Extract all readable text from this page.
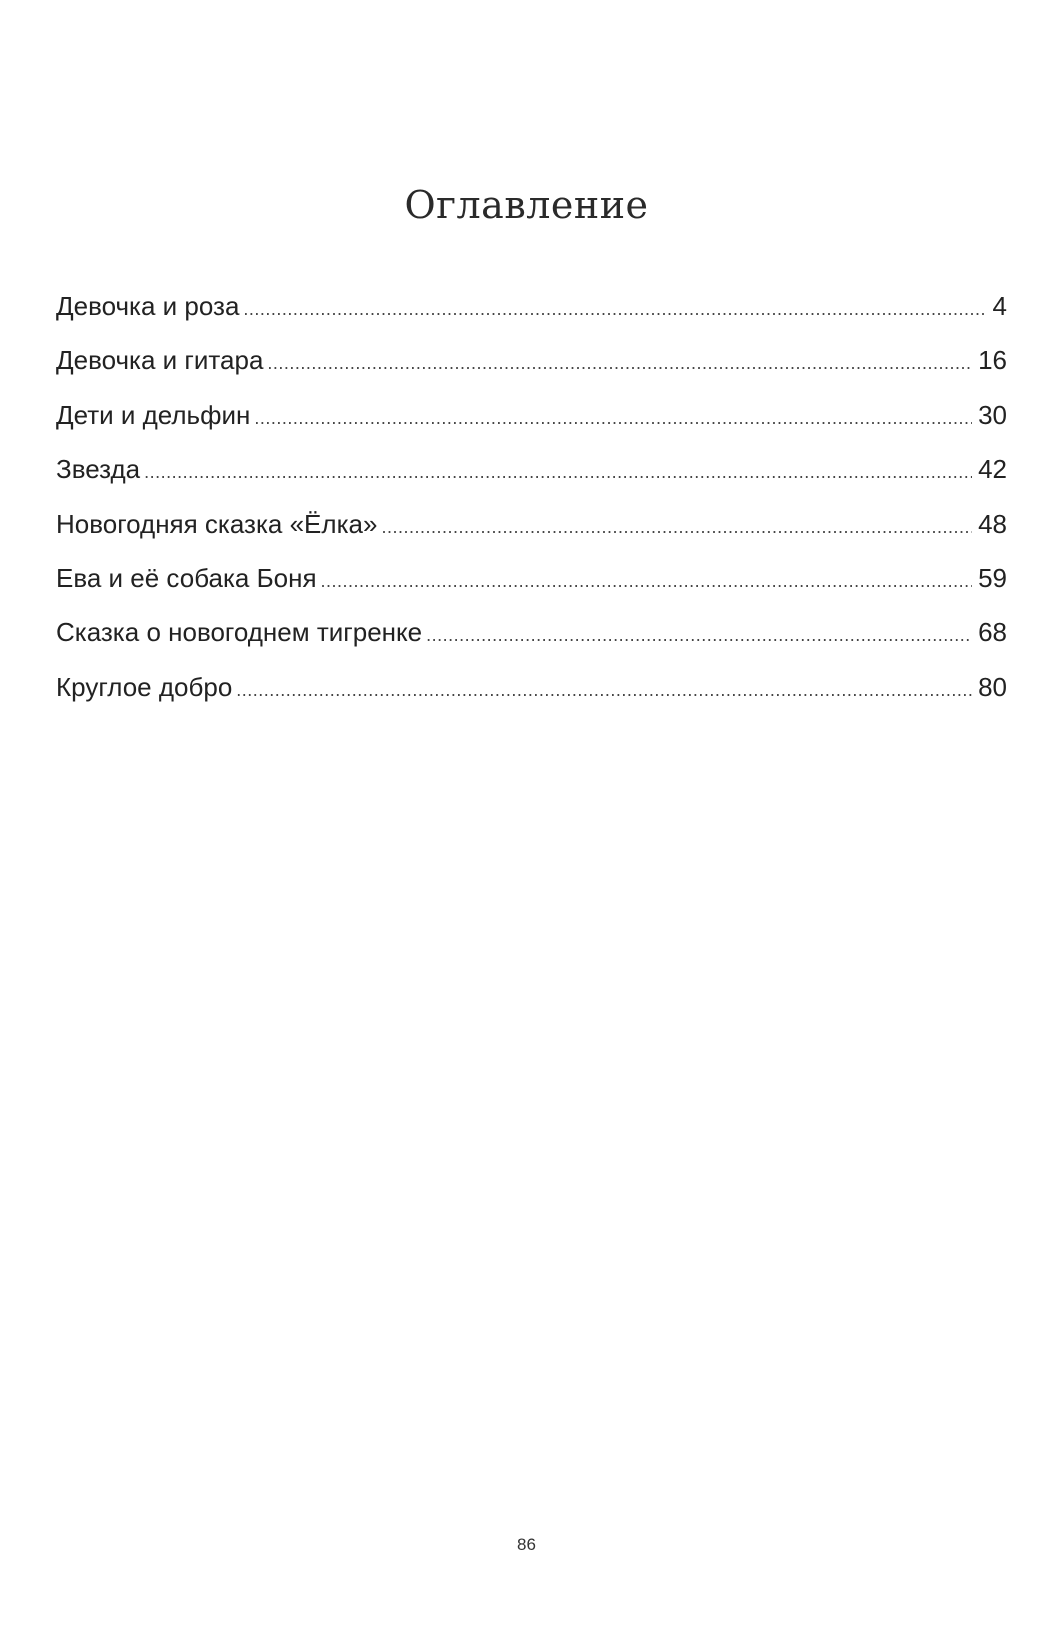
Оглавление
Девочка и роза .....	4
Девочка и гитара .....	16
Дети и дельфин .....	30
Звезда .....	42
Новогодняя сказка «Ёлка» .....	48
Ева и её собака Боня .....	59
Сказка о новогоднем тигренке .....	68
Круглое добро .....	80
86
